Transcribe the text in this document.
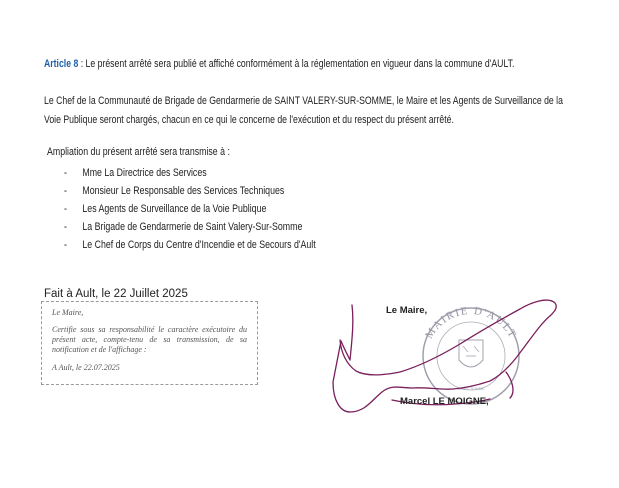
Article 8 : Le présent arrêté sera publié et affiché conformément à la réglementation en vigueur dans la commune d'AULT.
Le Chef de la Communauté de Brigade de Gendarmerie de SAINT VALERY-SUR-SOMME, le Maire et les Agents de Surveillance de la
Voie Publique seront chargés, chacun en ce qui le concerne de l'exécution et du respect du présent arrêté.
Ampliation du présent arrêté sera transmise à :
- Mme La Directrice des Services
- Monsieur Le Responsable des Services Techniques
- Les Agents de Surveillance de la Voie Publique
- La Brigade de Gendarmerie de Saint Valery-Sur-Somme
- Le Chef de Corps du Centre d'Incendie et de Secours d'Ault
Fait à Ault, le 22 Juillet 2025
Le Maire,
Certifie sous sa responsabilité le caractère exécutoire du présent acte, compte-tenu de sa transmission, de sa notification et de l'affichage :
A Ault, le 22.07.2025
MAIRIE D'AULT
80460 - SOMME
Le Maire,
Marcel LE MOIGNE,
